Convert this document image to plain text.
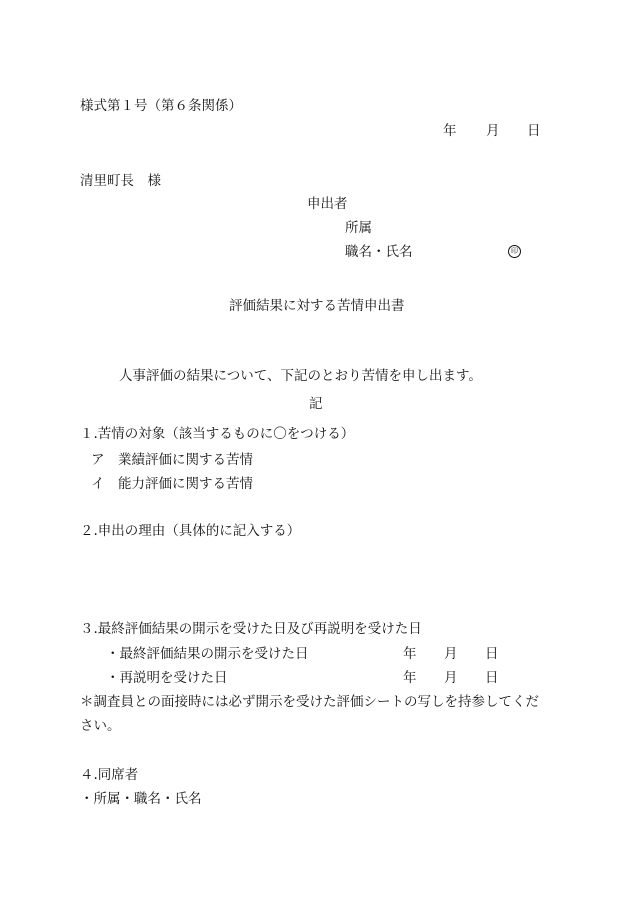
様式第１号（第６条関係）
年 月 日
清里町長　様
申出者
所属
職名・氏名	印
評価結果に対する苦情申出書
人事評価の結果について、下記のとおり苦情を申し出ます。
記
１.苦情の対象（該当するものに〇をつける）
ア　業績評価に関する苦情
イ　能力評価に関する苦情
２.申出の理由（具体的に記入する）
３.最終評価結果の開示を受けた日及び再説明を受けた日
・最終評価結果の開示を受けた日	年 月 日
・再説明を受けた日	年 月 日
＊調査員との面接時には必ず開示を受けた評価シートの写しを持参してくだ
さい。
４.同席者
・所属・職名・氏名
